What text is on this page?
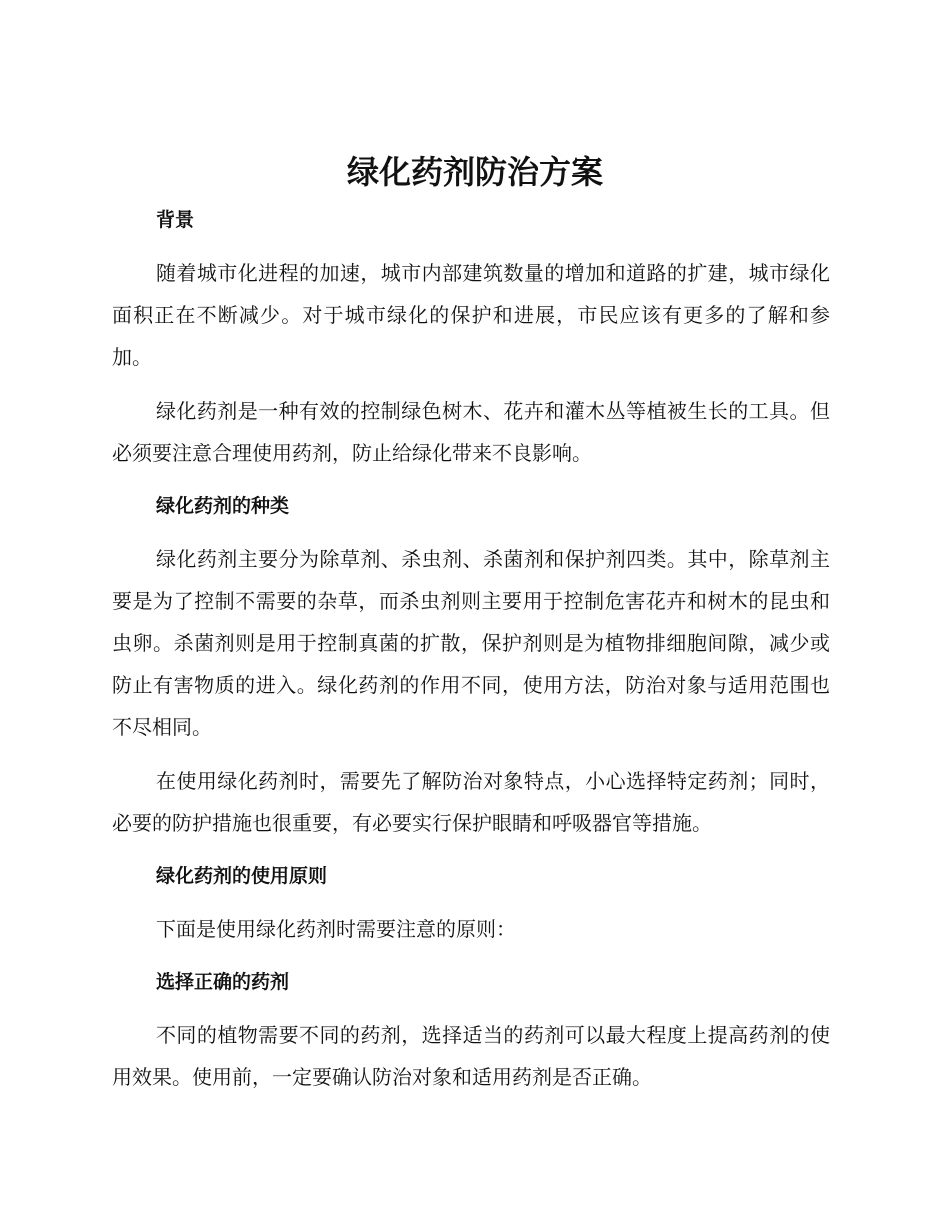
绿化药剂防治方案

背景

随着城市化进程的加速，城市内部建筑数量的增加和道路的扩建，城市绿化面积正在不断减少。对于城市绿化的保护和进展，市民应该有更多的了解和参加。

绿化药剂是一种有效的控制绿色树木、花卉和灌木丛等植被生长的工具。但必须要注意合理使用药剂，防止给绿化带来不良影响。

绿化药剂的种类

绿化药剂主要分为除草剂、杀虫剂、杀菌剂和保护剂四类。其中，除草剂主要是为了控制不需要的杂草，而杀虫剂则主要用于控制危害花卉和树木的昆虫和虫卵。杀菌剂则是用于控制真菌的扩散，保护剂则是为植物排细胞间隙，减少或防止有害物质的进入。绿化药剂的作用不同，使用方法，防治对象与适用范围也不尽相同。

在使用绿化药剂时，需要先了解防治对象特点，小心选择特定药剂；同时，必要的防护措施也很重要，有必要实行保护眼睛和呼吸器官等措施。

绿化药剂的使用原则

下面是使用绿化药剂时需要注意的原则：

选择正确的药剂

不同的植物需要不同的药剂，选择适当的药剂可以最大程度上提高药剂的使用效果。使用前，一定要确认防治对象和适用药剂是否正确。
